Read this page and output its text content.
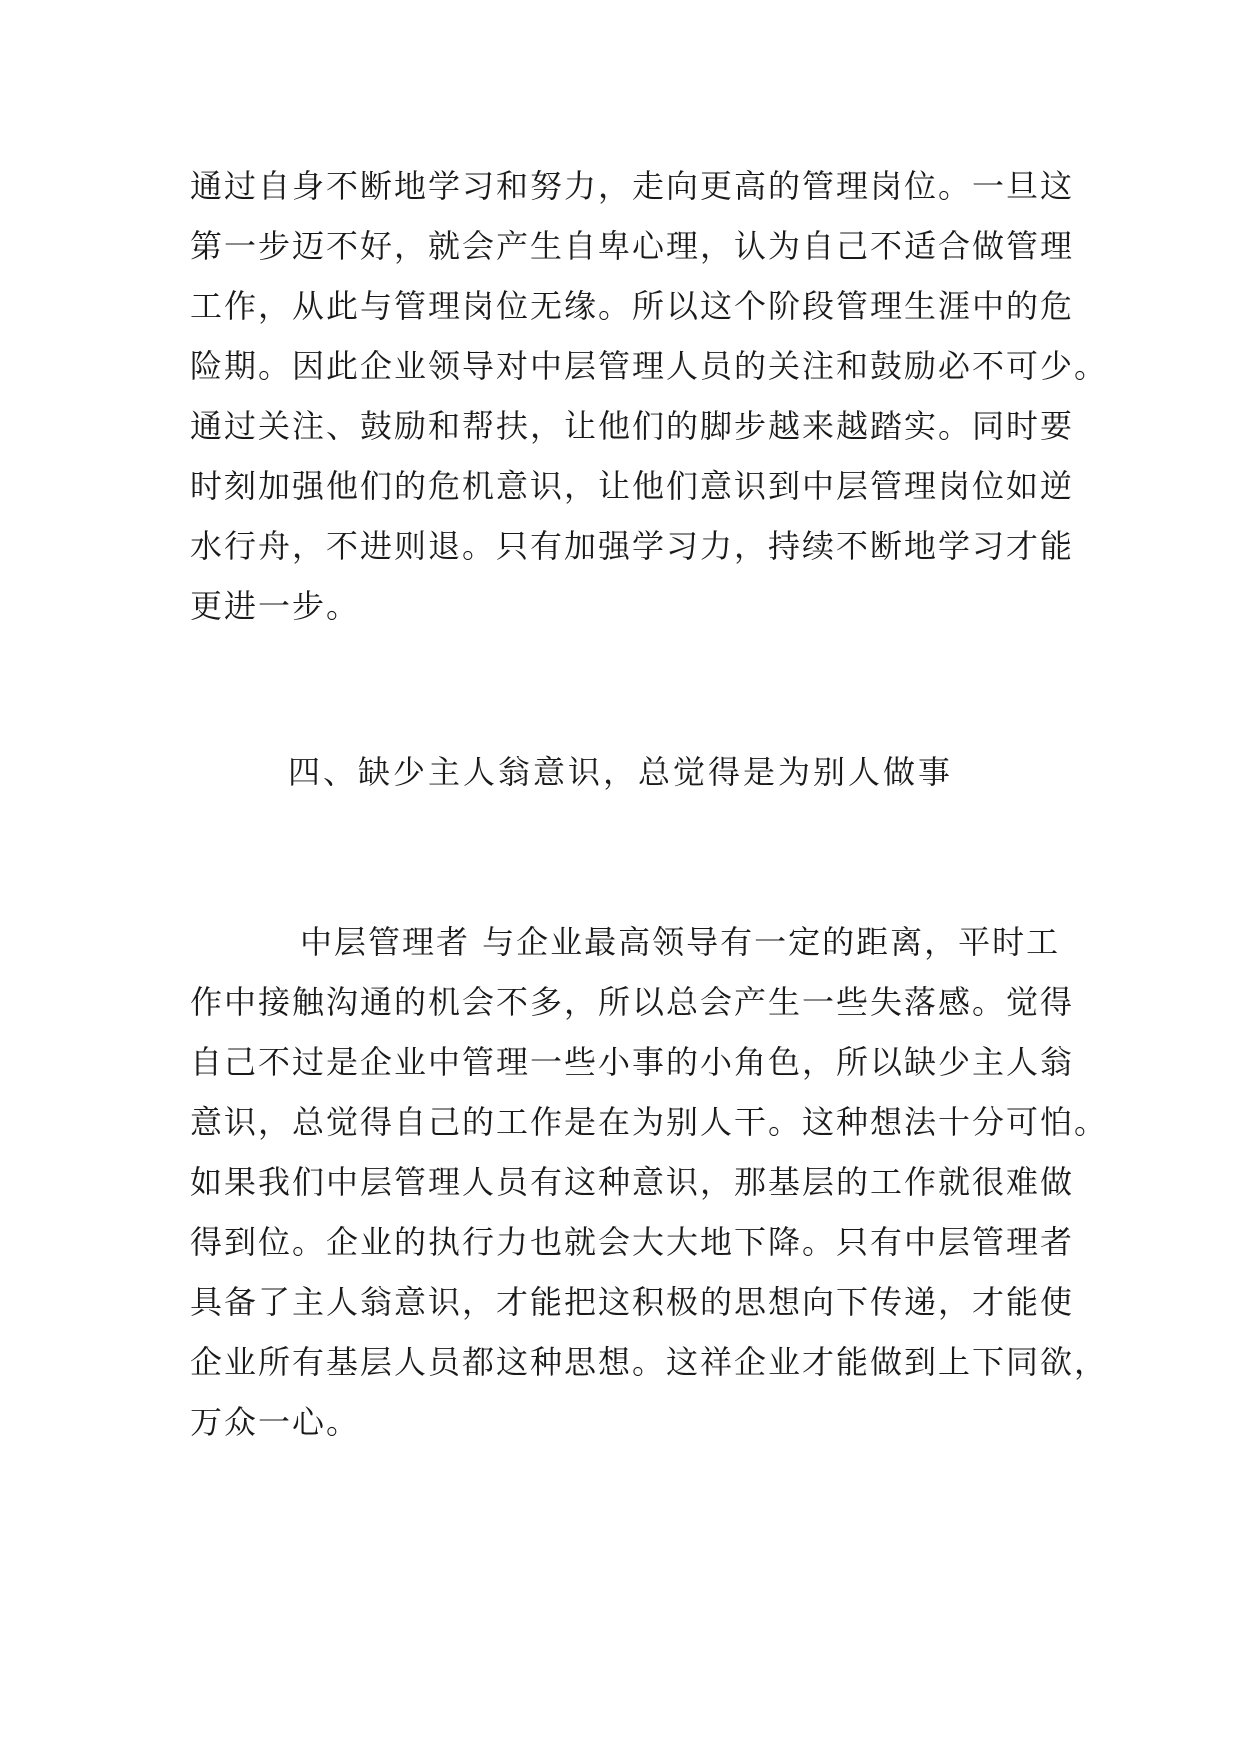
通过自身不断地学习和努力，走向更高的管理岗位。一旦这
第一步迈不好，就会产生自卑心理，认为自己不适合做管理
工作，从此与管理岗位无缘。所以这个阶段管理生涯中的危
险期。因此企业领导对中层管理人员的关注和鼓励必不可少。
通过关注、鼓励和帮扶，让他们的脚步越来越踏实。同时要
时刻加强他们的危机意识，让他们意识到中层管理岗位如逆
水行舟，不进则退。只有加强学习力，持续不断地学习才能
更进一步。
四、缺少主人翁意识，总觉得是为别人做事
中层管理者 与企业最高领导有一定的距离，平时工
作中接触沟通的机会不多，所以总会产生一些失落感。觉得
自己不过是企业中管理一些小事的小角色，所以缺少主人翁
意识，总觉得自己的工作是在为别人干。这种想法十分可怕。
如果我们中层管理人员有这种意识，那基层的工作就很难做
得到位。企业的执行力也就会大大地下降。只有中层管理者
具备了主人翁意识，才能把这积极的思想向下传递，才能使
企业所有基层人员都这种思想。这祥企业才能做到上下同欲，
万众一心。
